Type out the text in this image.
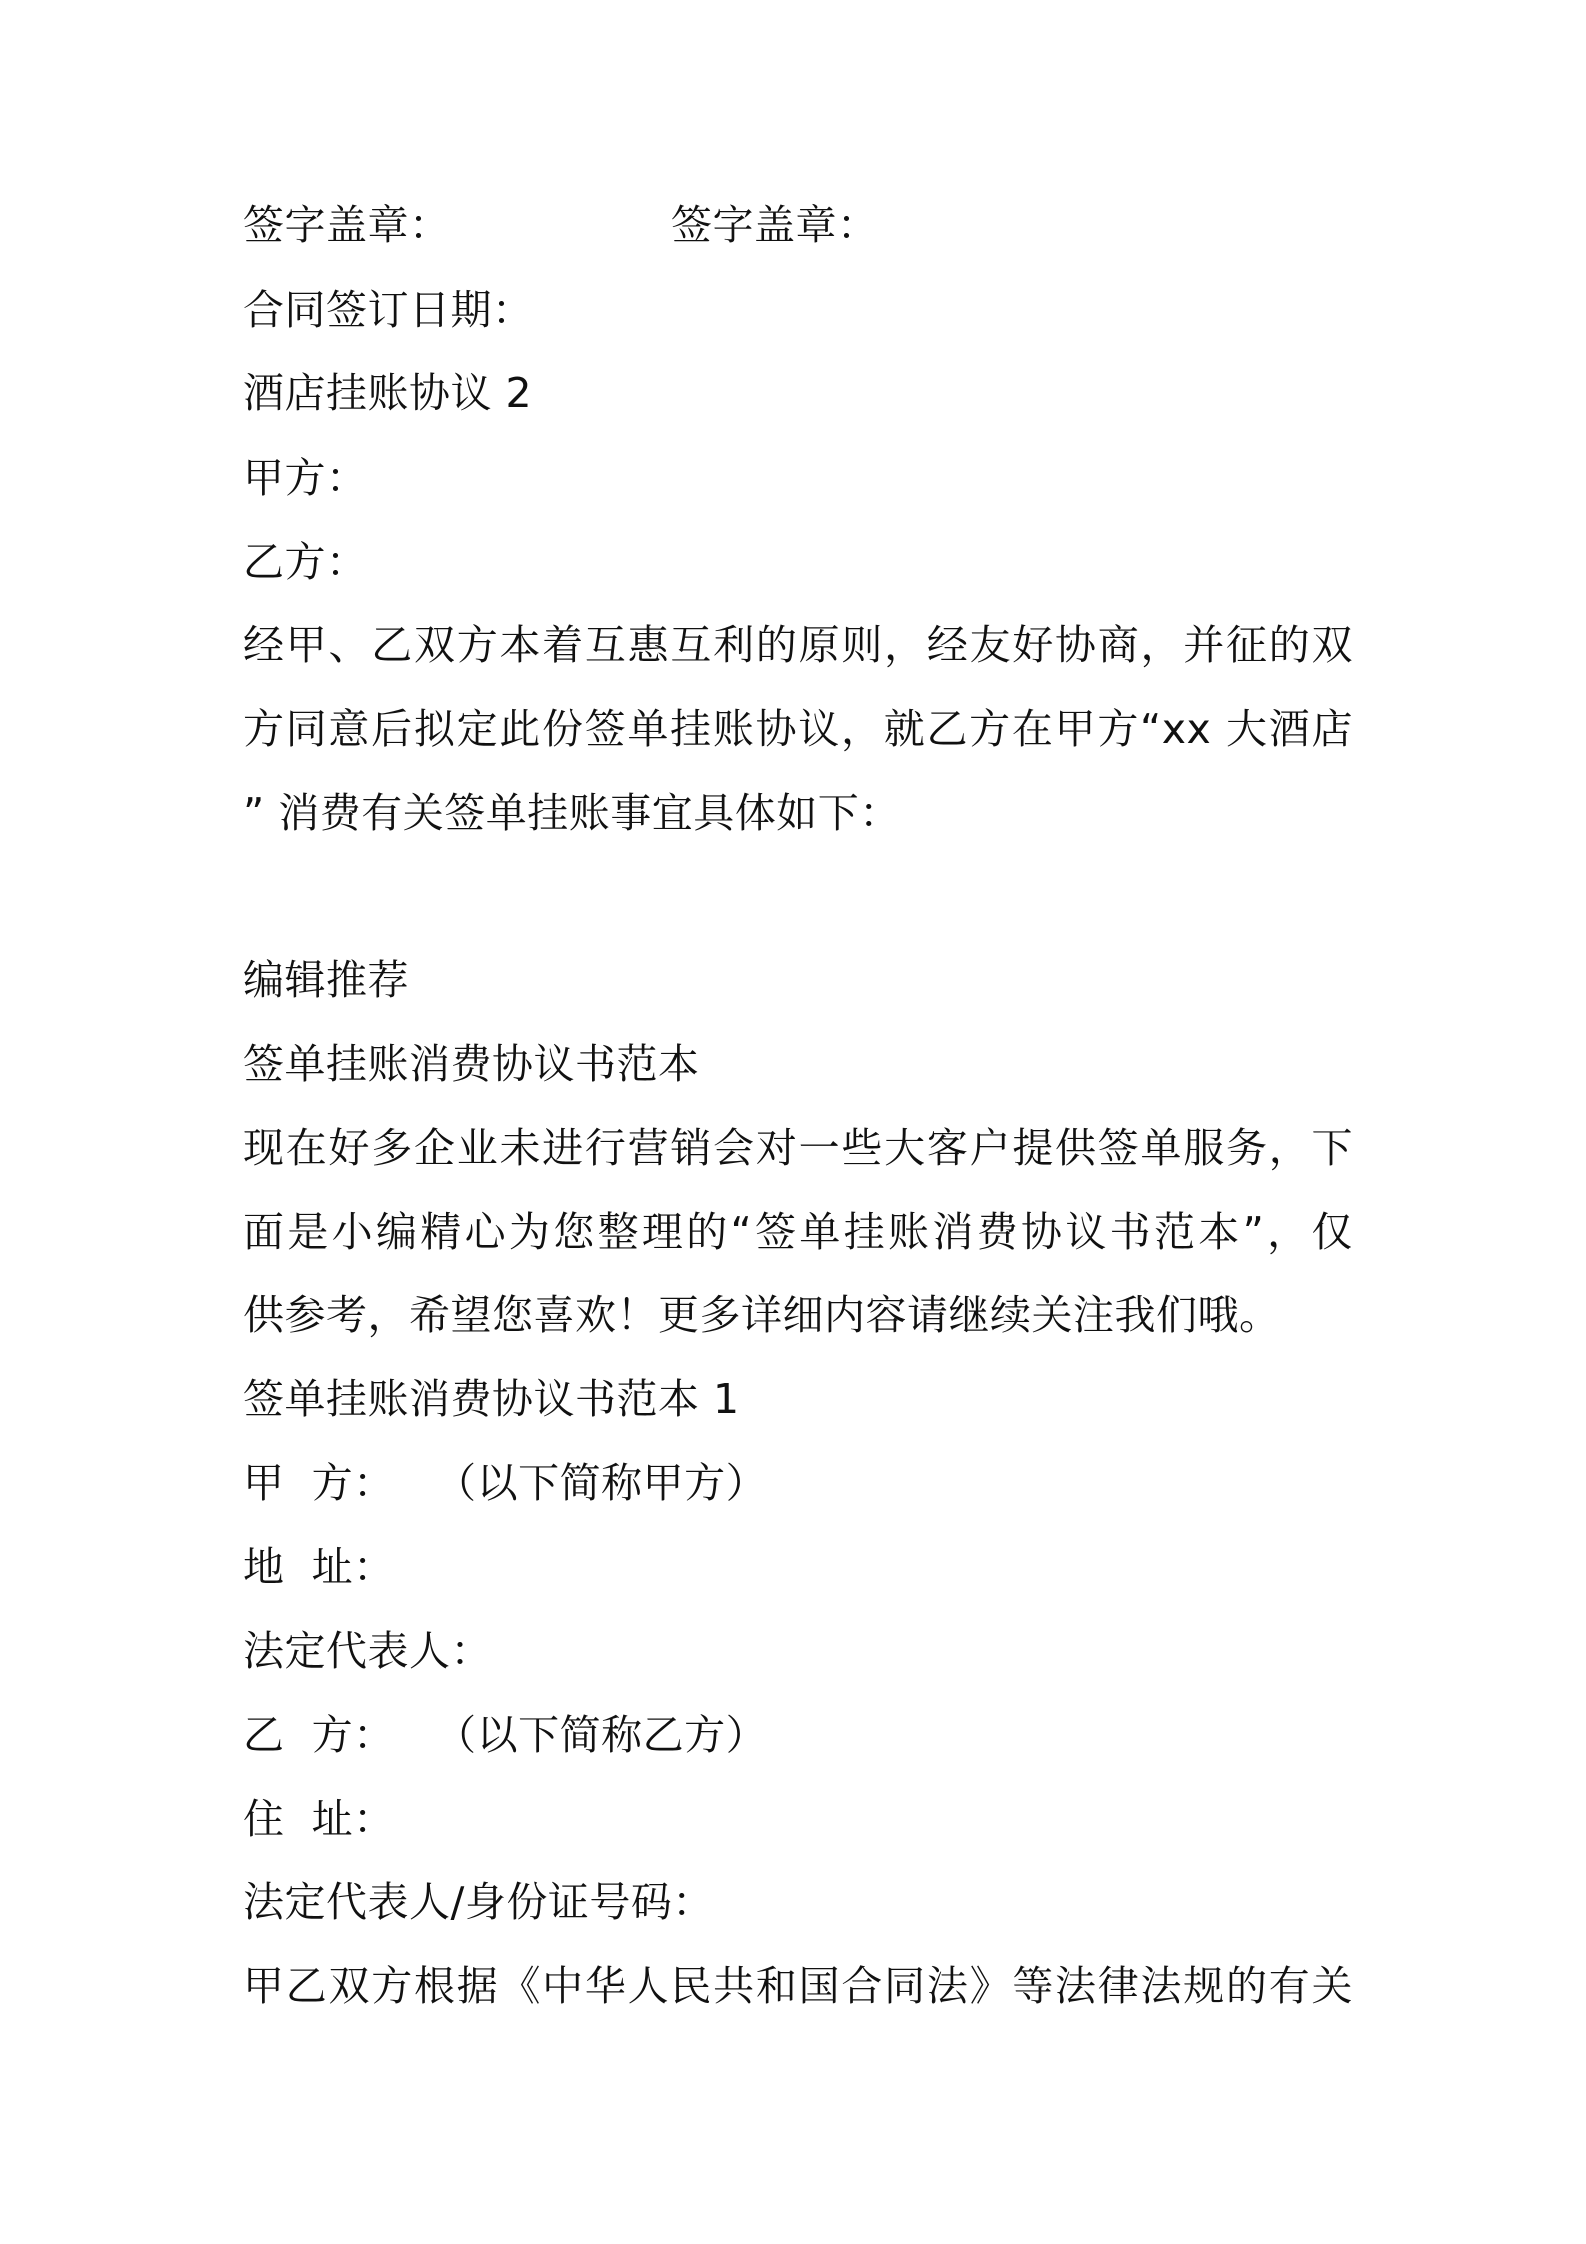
签字盖章：	签字盖章：
合同签订日期：
酒店挂账协议 2
甲方：
乙方：
经甲、乙双方本着互惠互利的原则，经友好协商，并征的双
方同意后拟定此份签单挂账协议，就乙方在甲方“xx 大酒店
” 消费有关签单挂账事宜具体如下：
编辑推荐
签单挂账消费协议书范本
现在好多企业未进行营销会对一些大客户提供签单服务，下
面是小编精心为您整理的“签单挂账消费协议书范本”，仅
供参考，希望您喜欢！更多详细内容请继续关注我们哦。
签单挂账消费协议书范本 1
甲  方：   （以下简称甲方）
地  址：
法定代表人：
乙  方：   （以下简称乙方）
住  址：
法定代表人/身份证号码：
甲乙双方根据《中华人民共和国合同法》等法律法规的有关
